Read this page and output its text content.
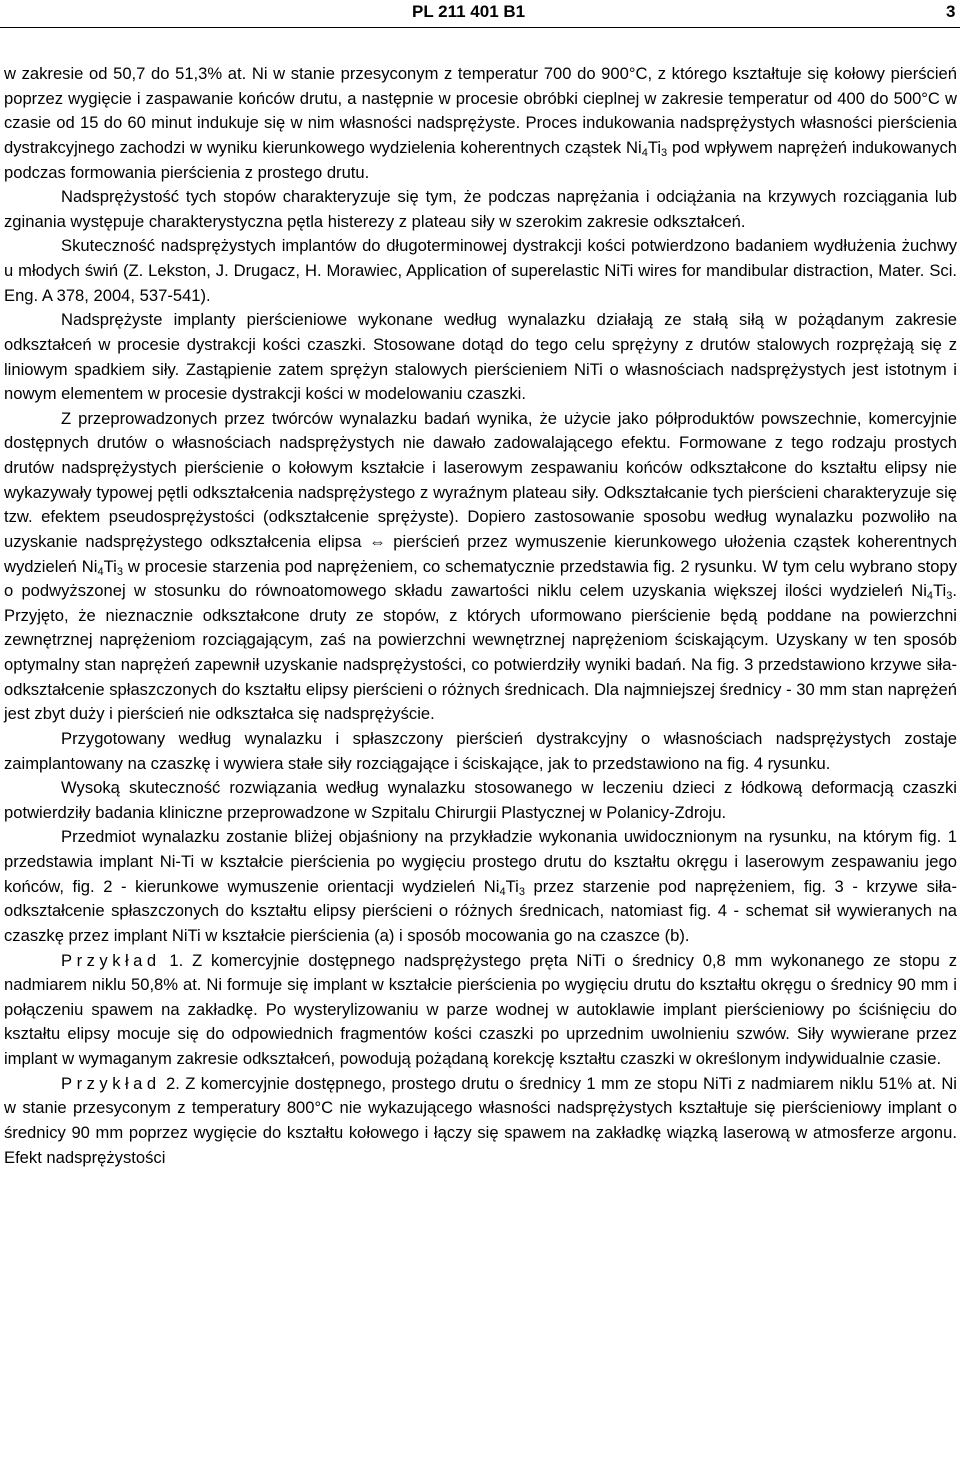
PL 211 401 B1	3

w zakresie od 50,7 do 51,3% at. Ni w stanie przesyconym z temperatur 700 do 900°C, z którego kształtuje się kołowy pierścień poprzez wygięcie i zaspawanie końców drutu, a następnie w procesie obróbki cieplnej w zakresie temperatur od 400 do 500°C w czasie od 15 do 60 minut indukuje się w nim własności nadsprężyste. Proces indukowania nadsprężystych własności pierścienia dystrakcyjnego zachodzi w wyniku kierunkowego wydzielenia koherentnych cząstek $Ni_4Ti_3$ pod wpływem naprężeń indukowanych podczas formowania pierścienia z prostego drutu.

Nadsprężystość tych stopów charakteryzuje się tym, że podczas naprężania i odciążania na krzywych rozciągania lub zginania występuje charakterystyczna pętla histerezy z plateau siły w szerokim zakresie odkształceń.

Skuteczność nadsprężystych implantów do długoterminowej dystrakcji kości potwierdzono badaniem wydłużenia żuchwy u młodych świń (Z. Lekston, J. Drugacz, H. Morawiec, Application of superelastic NiTi wires for mandibular distraction, Mater. Sci. Eng. A 378, 2004, 537-541).

Nadsprężyste implanty pierścieniowe wykonane według wynalazku działają ze stałą siłą w pożądanym zakresie odkształceń w procesie dystrakcji kości czaszki. Stosowane dotąd do tego celu sprężyny z drutów stalowych rozprężają się z liniowym spadkiem siły. Zastąpienie zatem sprężyn stalowych pierścieniem NiTi o własnościach nadsprężystych jest istotnym i nowym elementem w procesie dystrakcji kości w modelowaniu czaszki.

Z przeprowadzonych przez twórców wynalazku badań wynika, że użycie jako półproduktów powszechnie, komercyjnie dostępnych drutów o własnościach nadsprężystych nie dawało zadowalającego efektu. Formowane z tego rodzaju prostych drutów nadsprężystych pierścienie o kołowym kształcie i laserowym zespawaniu końców odkształcone do kształtu elipsy nie wykazywały typowej pętli odkształcenia nadsprężystego z wyraźnym plateau siły. Odkształcanie tych pierścieni charakteryzuje się tzw. efektem pseudosprężystości (odkształcenie sprężyste). Dopiero zastosowanie sposobu według wynalazku pozwoliło na uzyskanie nadsprężystego odkształcenia elipsa ⇔ pierścień przez wymuszenie kierunkowego ułożenia cząstek koherentnych wydzieleń $Ni_4Ti_3$ w procesie starzenia pod naprężeniem, co schematycznie przedstawia fig. 2 rysunku. W tym celu wybrano stopy o podwyższonej w stosunku do równoatomowego składu zawartości niklu celem uzyskania większej ilości wydzieleń $Ni_4Ti_3$. Przyjęto, że nieznacznie odkształcone druty ze stopów, z których uformowano pierścienie będą poddane na powierzchni zewnętrznej naprężeniom rozciągającym, zaś na powierzchni wewnętrznej naprężeniom ściskającym. Uzyskany w ten sposób optymalny stan naprężeń zapewnił uzyskanie nadsprężystości, co potwierdziły wyniki badań. Na fig. 3 przedstawiono krzywe siła-odkształcenie spłaszczonych do kształtu elipsy pierścieni o różnych średnicach. Dla najmniejszej średnicy - 30 mm stan naprężeń jest zbyt duży i pierścień nie odkształca się nadsprężyście.

Przygotowany według wynalazku i spłaszczony pierścień dystrakcyjny o własnościach nadsprężystych zostaje zaimplantowany na czaszkę i wywiera stałe siły rozciągające i ściskające, jak to przedstawiono na fig. 4 rysunku.

Wysoką skuteczność rozwiązania według wynalazku stosowanego w leczeniu dzieci z łódkową deformacją czaszki potwierdziły badania kliniczne przeprowadzone w Szpitalu Chirurgii Plastycznej w Polanicy-Zdroju.

Przedmiot wynalazku zostanie bliżej objaśniony na przykładzie wykonania uwidocznionym na rysunku, na którym fig. 1 przedstawia implant Ni-Ti w kształcie pierścienia po wygięciu prostego drutu do kształtu okręgu i laserowym zespawaniu jego końców, fig. 2 - kierunkowe wymuszenie orientacji wydzieleń $Ni_4Ti_3$ przez starzenie pod naprężeniem, fig. 3 - krzywe siła-odkształcenie spłaszczonych do kształtu elipsy pierścieni o różnych średnicach, natomiast fig. 4 - schemat sił wywieranych na czaszkę przez implant NiTi w kształcie pierścienia (a) i sposób mocowania go na czaszce (b).

Przykład 1. Z komercyjnie dostępnego nadsprężystego pręta NiTi o średnicy 0,8 mm wykonanego ze stopu z nadmiarem niklu 50,8% at. Ni formuje się implant w kształcie pierścienia po wygięciu drutu do kształtu okręgu o średnicy 90 mm i połączeniu spawem na zakładkę. Po wysterylizowaniu w parze wodnej w autoklawie implant pierścieniowy po ściśnięciu do kształtu elipsy mocuje się do odpowiednich fragmentów kości czaszki po uprzednim uwolnieniu szwów. Siły wywierane przez implant w wymaganym zakresie odkształceń, powodują pożądaną korekcję kształtu czaszki w określonym indywidualnie czasie.

Przykład 2. Z komercyjnie dostępnego, prostego drutu o średnicy 1 mm ze stopu NiTi z nadmiarem niklu 51% at. Ni w stanie przesyconym z temperatury 800°C nie wykazującego własności nadsprężystych kształtuje się pierścieniowy implant o średnicy 90 mm poprzez wygięcie do kształtu kołowego i łączy się spawem na zakładkę wiązką laserową w atmosferze argonu. Efekt nadsprężystości
